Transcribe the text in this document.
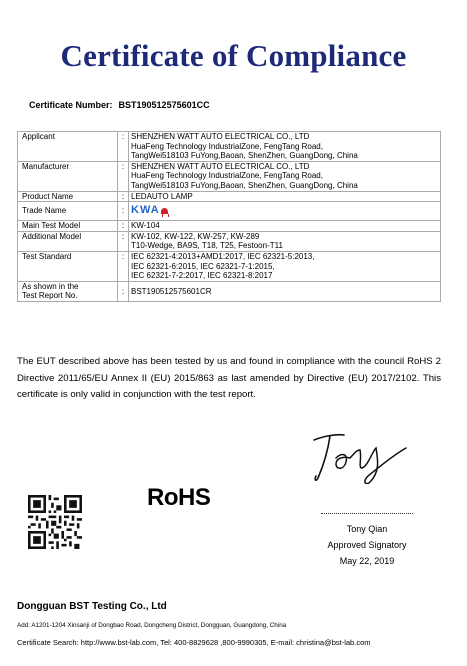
Certificate of Compliance
Certificate Number: BST190512575601CC
Applicant	:	SHENZHEN WATT AUTO ELECTRICAL CO., LTD
HuaFeng Technology IndustrialZone, FengTang Road,
TangWei518103 FuYong,Baoan, ShenZhen, GuangDong, China

Manufacturer	:	SHENZHEN WATT AUTO ELECTRICAL CO., LTD
HuaFeng Technology IndustrialZone, FengTang Road,
TangWei518103 FuYong,Baoan, ShenZhen, GuangDong, China

Product Name	:	LEDAUTO LAMP
Trade Name	:	KWA

Main Test Model	:	KW-104
Additional Model	:	KW-102, KW-122, KW-257, KW-289
T10-Wedge, BA9S, T18, T25, Festoon-T11

Test Standard	:	IEC 62321-4:2013+AMD1:2017, IEC 62321-5:2013,
IEC 62321-6:2015, IEC 62321-7-1:2015,
IEC 62321-7-2:2017, IEC 62321-8:2017

As shown in the
Test Report No.	:	BST190512575601CR
The EUT described above has been tested by us and found in compliance with the council RoHS 2 Directive 2011/65/EU Annex II (EU) 2015/863 as last amended by Directive (EU) 2017/2102. This certificate is only valid in conjunction with the test report.
RoHS
Tony Qian
Approved Signatory
May 22, 2019
Dongguan BST Testing Co., Ltd
Add: A1201-1204 Xinsanji of Dongbao Road, Dongcheng District, Dongguan, Guangdong, China
Certificate Search: http://www.bst-lab.com, Tel: 400-8829628 ,800-9990305, E-mail: christina@bst-lab.com
